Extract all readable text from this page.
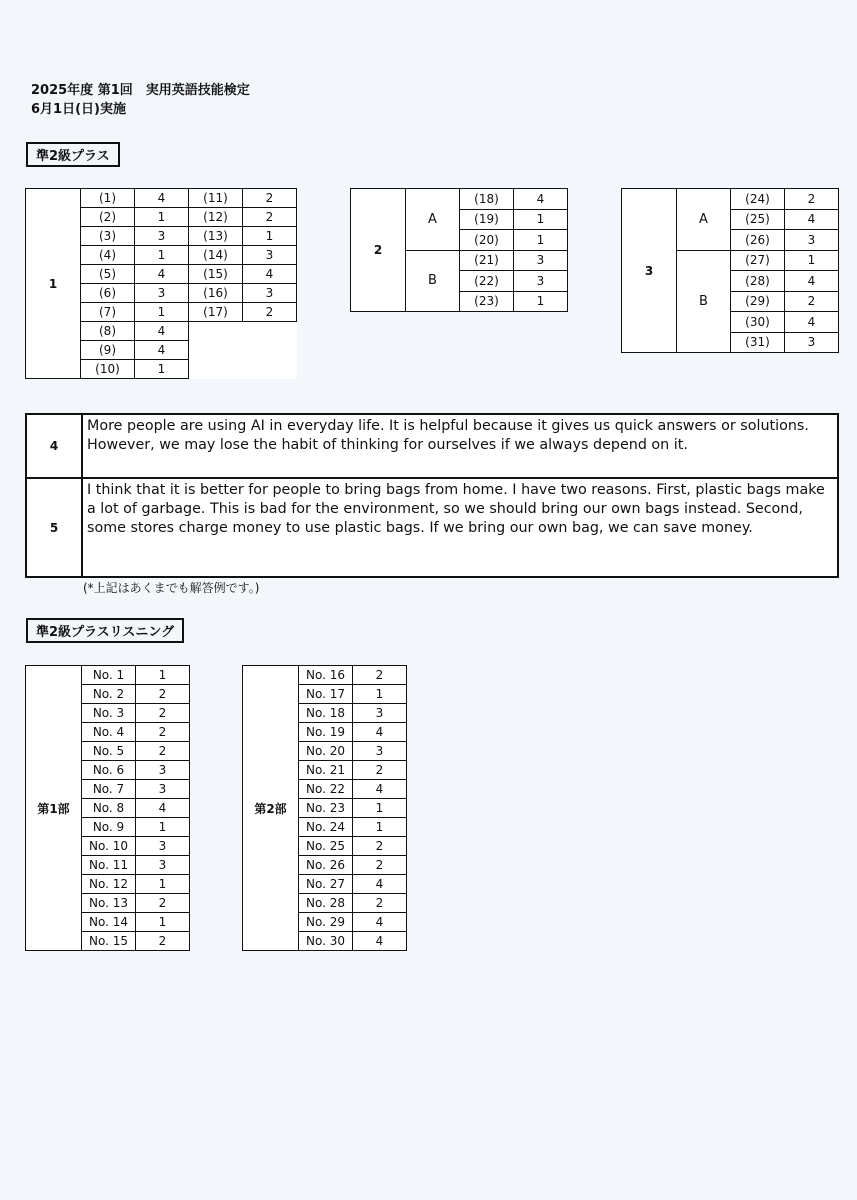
2025年度 第1回　実用英語技能検定
6月1日(日)実施
準2級プラス
1	(1)	4	(11)	2
	(2)	1	(12)	2
	(3)	3	(13)	1
	(4)	1	(14)	3
	(5)	4	(15)	4
	(6)	3	(16)	3
	(7)	1	(17)	2
	(8)	4		
	(9)	4		
	(10)	1		
2	A	(18)	4
		(19)	1
		(20)	1
	B	(21)	3
		(22)	3
		(23)	1
3	A	(24)	2
		(25)	4
		(26)	3
	B	(27)	1
		(28)	4
		(29)	2
		(30)	4
		(31)	3
4	More people are using AI in everyday life. It is helpful because it gives us quick answers or solutions. However, we may lose the habit of thinking for ourselves if we always depend on it.
5	I think that it is better for people to bring bags from home. I have two reasons. First, plastic bags make a lot of garbage. This is bad for the environment, so we should bring our own bags instead. Second, some stores charge money to use plastic bags. If we bring our own bag, we can save money.
(*上記はあくまでも解答例です。)
準2級プラスリスニング
第1部	No. 1	1
	No. 2	2
	No. 3	2
	No. 4	2
	No. 5	2
	No. 6	3
	No. 7	3
	No. 8	4
	No. 9	1
	No. 10	3
	No. 11	3
	No. 12	1
	No. 13	2
	No. 14	1
	No. 15	2
第2部	No. 16	2
	No. 17	1
	No. 18	3
	No. 19	4
	No. 20	3
	No. 21	2
	No. 22	4
	No. 23	1
	No. 24	1
	No. 25	2
	No. 26	2
	No. 27	4
	No. 28	2
	No. 29	4
	No. 30	4
